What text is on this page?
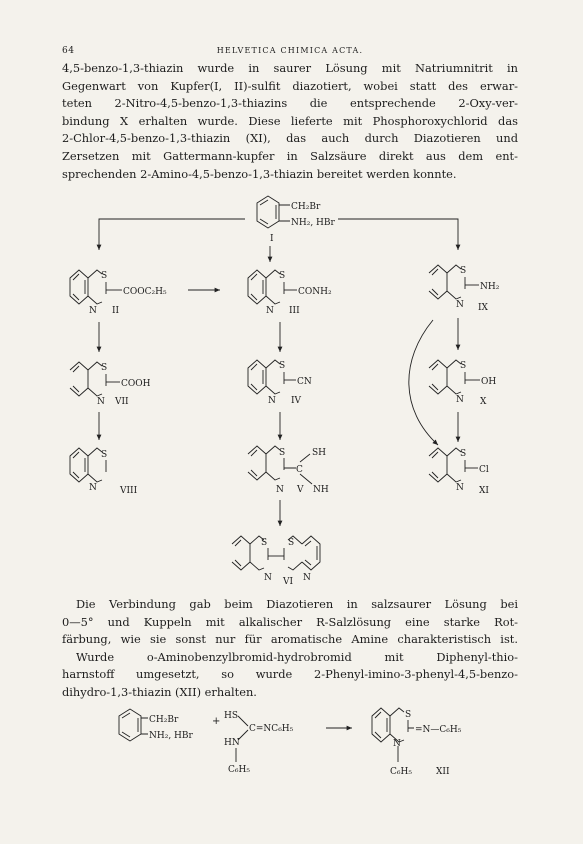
64	HELVETICA CHIMICA ACTA.
4,5-benzo-1,3-thiazin wurde in saurer Lösung mit Natriumnitrit in
Gegenwart von Kupfer(I, II)-sulfit diazotiert, wobei statt des erwar-
teten 2-Nitro-4,5-benzo-1,3-thiazins die entsprechende 2-Oxy-ver-
bindung X erhalten wurde. Diese lieferte mit Phosphoroxychlorid das
2-Chlor-4,5-benzo-1,3-thiazin (XI), das auch durch Diazotieren und
Zersetzen mit Gattermann-kupfer in Salzsäure direkt aus dem ent-
sprechenden 2-Amino-4,5-benzo-1,3-thiazin bereitet werden konnte.
CH₂Br
NH₂, HBr
I
S
N
COOC₂H₅
II
S
N
CONH₂
III
S
N
NH₂
IX
S
N
COOH
VII
S
N
CN
IV
S
N
OH
X
S
N	VIII
S
N
C
SH
NH
V
S
N
Cl
XI
S S
N	N
VI
CH₂Br
NH₂, HBr
+ HS
HN
C=NC₆H₅
C₆H₅
S
N
=N—C₆H₅
C₆H₅	XII
Die Verbindung gab beim Diazotieren in salzsaurer Lösung bei
0—5° und Kuppeln mit alkalischer R-Salzlösung eine starke Rot-
färbung, wie sie sonst nur für aromatische Amine charakteristisch ist.
Wurde o-Aminobenzylbromid-hydrobromid mit Diphenyl-thio-
harnstoff umgesetzt, so wurde 2-Phenyl-imino-3-phenyl-4,5-benzo-
dihydro-1,3-thiazin (XII) erhalten.
